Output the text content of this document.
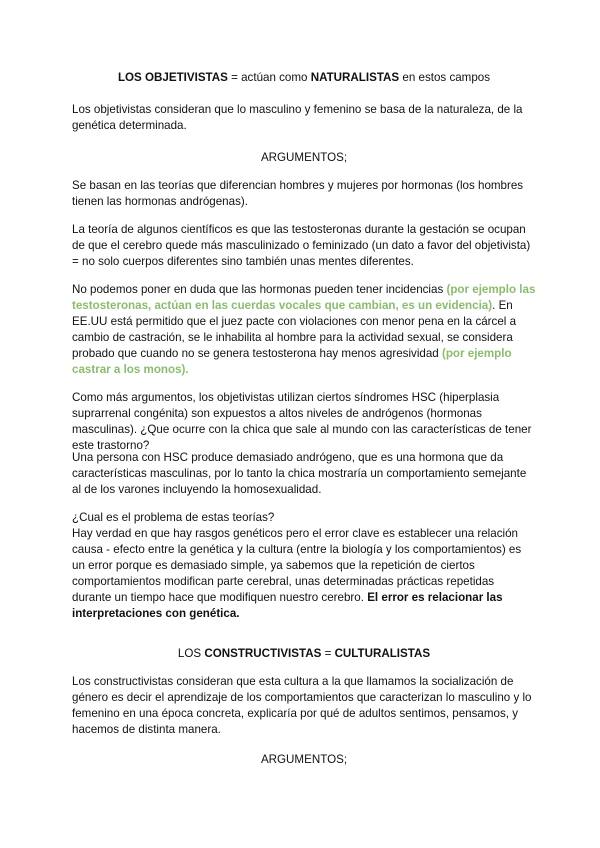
LOS OBJETIVISTAS = actúan como NATURALISTAS en estos campos

Los objetivistas consideran que lo masculino y femenino se basa de la naturaleza, de la genética determinada.

ARGUMENTOS;

Se basan en las teorías que diferencian hombres y mujeres por hormonas (los hombres tienen las hormonas andrógenas).

La teoría de algunos científicos es que las testosteronas durante la gestación se ocupan de que el cerebro quede más masculinizado o feminizado (un dato a favor del objetivista) = no solo cuerpos diferentes sino también unas mentes diferentes.

No podemos poner en duda que las hormonas pueden tener incidencias (por ejemplo las testosteronas, actúan en las cuerdas vocales que cambian, es un evidencia). En EE.UU está permitido que el juez pacte con violaciones con menor pena en la cárcel a cambio de castración, se le inhabilita al hombre para la actividad sexual, se considera probado que cuando no se genera testosterona hay menos agresividad (por ejemplo castrar a los monos).

Como más argumentos, los objetivistas utilizan ciertos síndromes HSC (hiperplasia suprarrenal congénita) son expuestos a altos niveles de andrógenos (hormonas masculinas). ¿Que ocurre con la chica que sale al mundo con las características de tener este trastorno?

Una persona con HSC produce demasiado andrógeno, que es una hormona que da características masculinas, por lo tanto la chica mostraría un comportamiento semejante al de los varones incluyendo la homosexualidad.

¿Cual es el problema de estas teorías?

Hay verdad en que hay rasgos genéticos pero el error clave es establecer una relación causa - efecto entre la genética y la cultura (entre la biología y los comportamientos) es un error porque es demasiado simple, ya sabemos que la repetición de ciertos comportamientos modifican parte cerebral, unas determinadas prácticas repetidas durante un tiempo hace que modifiquen nuestro cerebro. El error es relacionar las interpretaciones con genética.

LOS CONSTRUCTIVISTAS = CULTURALISTAS

Los constructivistas consideran que esta cultura a la que llamamos la socialización de género es decir el aprendizaje de los comportamientos que caracterizan lo masculino y lo femenino en una época concreta, explicaría por qué de adultos sentimos, pensamos, y hacemos de distinta manera.

ARGUMENTOS;
